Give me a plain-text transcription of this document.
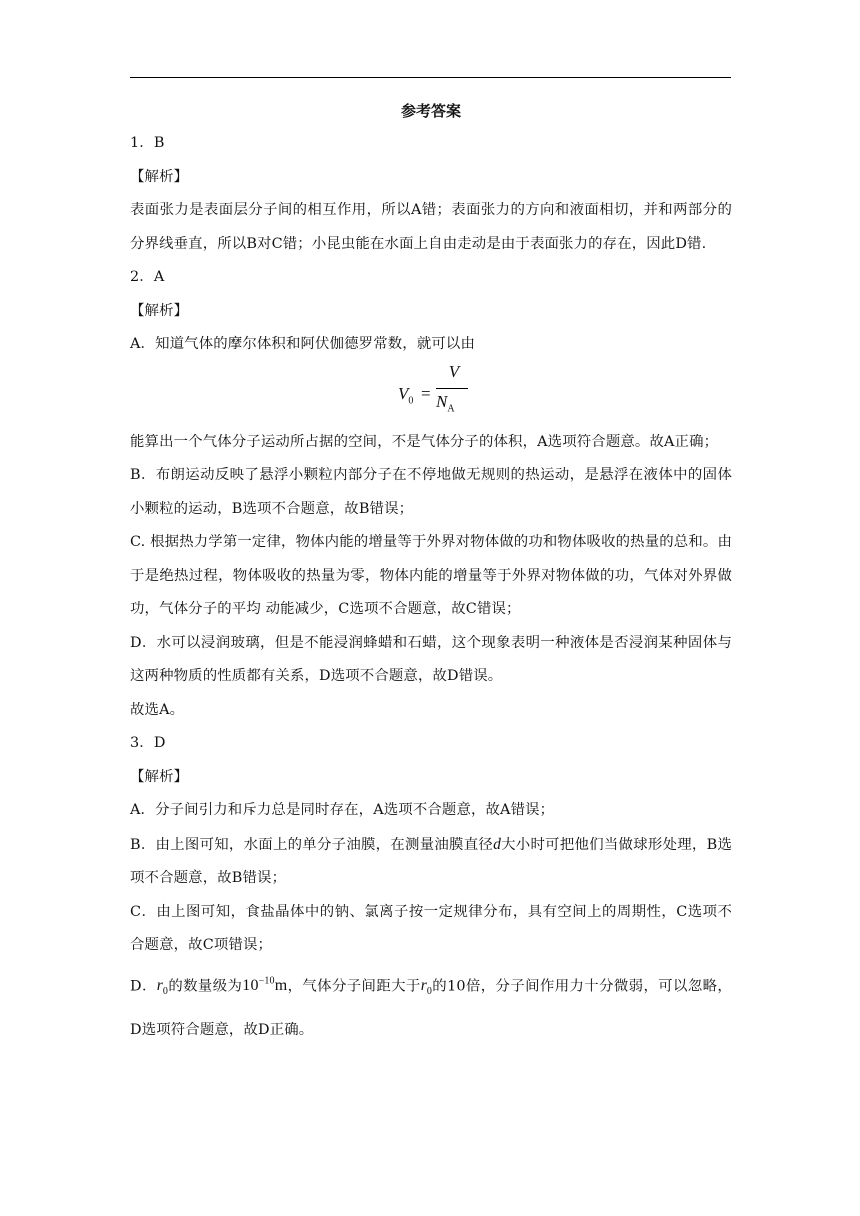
参考答案

1．B

【解析】

表面张力是表面层分子间的相互作用，所以A错；表面张力的方向和液面相切，并和两部分的分界线垂直，所以B对C错；小昆虫能在水面上自由走动是由于表面张力的存在，因此D错.

2．A

【解析】

A．知道气体的摩尔体积和阿伏伽德罗常数，就可以由

$V_0$ =
V
$N_A$

能算出一个气体分子运动所占据的空间，不是气体分子的体积，A选项符合题意。故A正确；

B．布朗运动反映了悬浮小颗粒内部分子在不停地做无规则的热运动，是悬浮在液体中的固体小颗粒的运动，B选项不合题意，故B错误；

C. 根据热力学第一定律，物体内能的增量等于外界对物体做的功和物体吸收的热量的总和。由于是绝热过程，物体吸收的热量为零，物体内能的增量等于外界对物体做的功，气体对外界做功，气体分子的平均 动能减少，C选项不合题意，故C错误；

D．水可以浸润玻璃，但是不能浸润蜂蜡和石蜡，这个现象表明一种液体是否浸润某种固体与这两种物质的性质都有关系，D选项不合题意，故D错误。

故选A。

3．D

【解析】

A．分子间引力和斥力总是同时存在，A选项不合题意，故A错误；

B．由上图可知，水面上的单分子油膜，在测量油膜直径d大小时可把他们当做球形处理，B选项不合题意，故B错误；

C．由上图可知，食盐晶体中的钠、氯离子按一定规律分布，具有空间上的周期性，C选项不合题意，故C项错误；

D．$r_0$的数量级为$10^{-10}m$，气体分子间距大于$r_0$的10倍，分子间作用力十分微弱，可以忽略，D选项符合题意，故D正确。
